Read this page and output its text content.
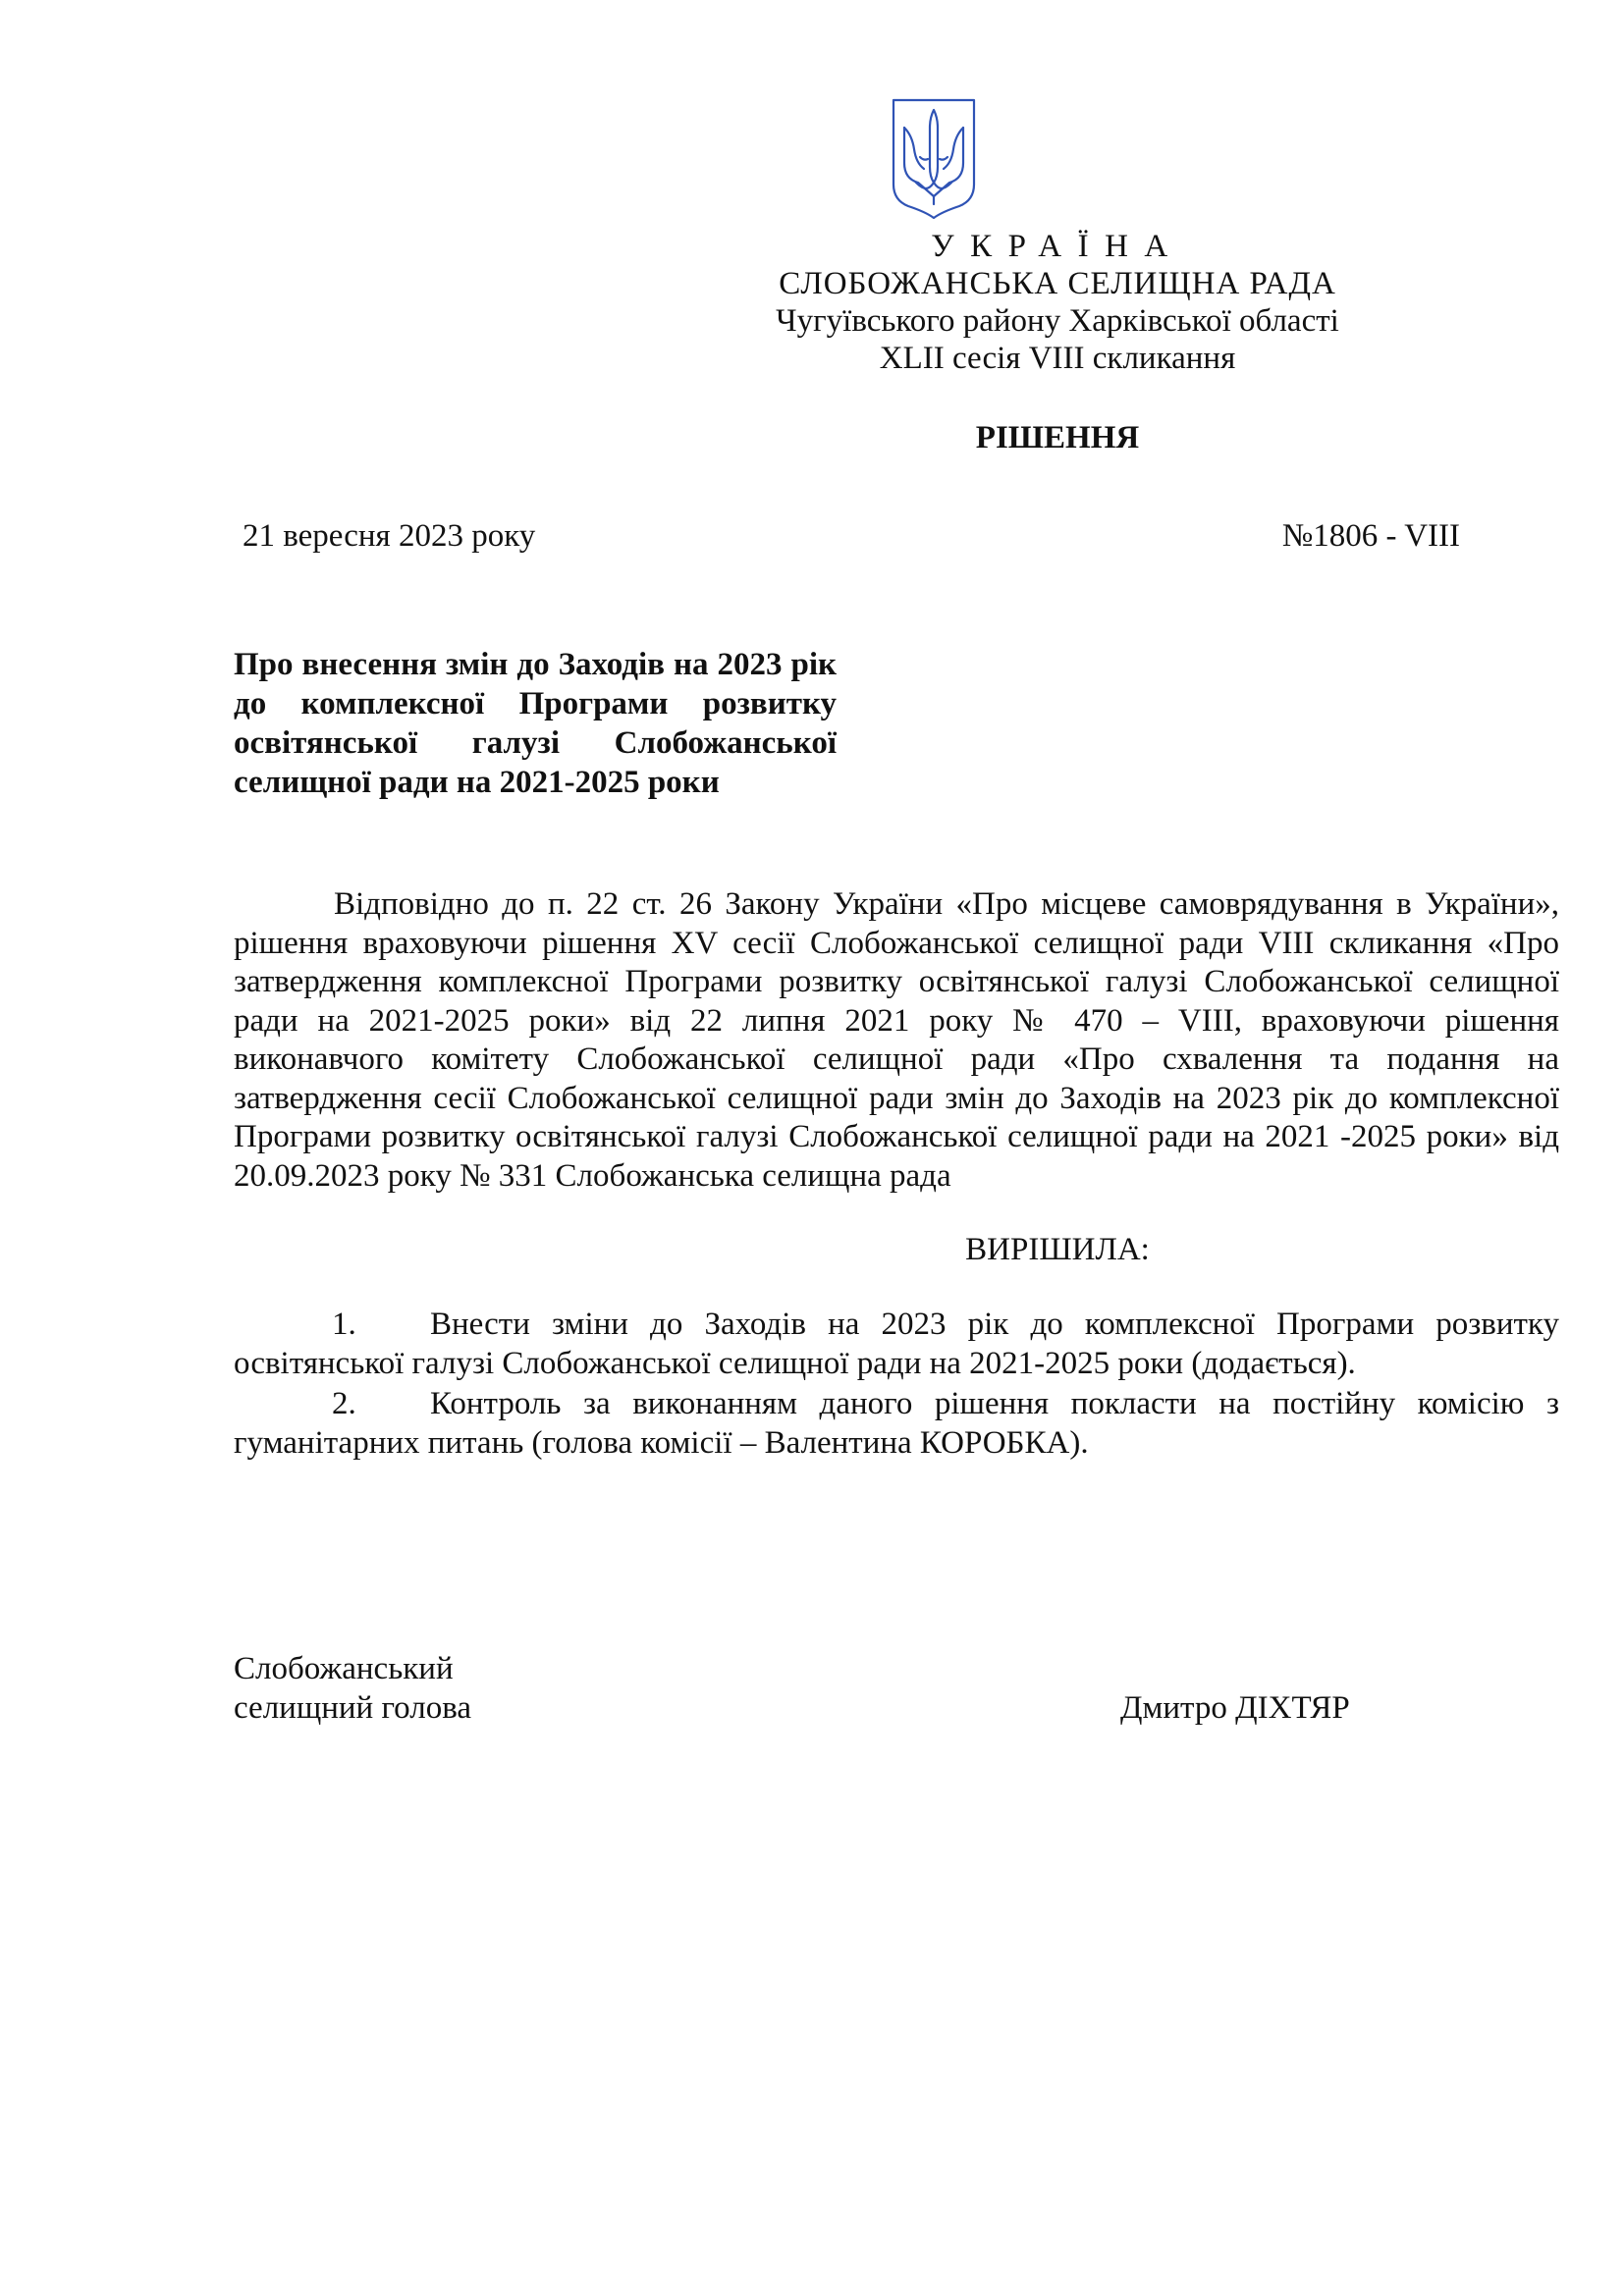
УКРАЇНА
СЛОБОЖАНСЬКА СЕЛИЩНА РАДА
Чугуївського району Харківської області
XLII сесія VIII скликання
РІШЕННЯ
21 вересня 2023 року	№1806 - VIII
Про внесення змін до Заходів на 2023 рік
до комплексної Програми розвитку
освітянської галузі Слобожанської
селищної ради на 2021-2025 роки
Відповідно до п. 22 ст. 26 Закону України «Про місцеве самоврядування в України», рішення враховуючи рішення XV сесії Слобожанської селищної ради VIII скликання «Про затвердження комплексної Програми розвитку освітянської галузі Слобожанської селищної ради на 2021-2025 роки» від 22 липня 2021 року № 470 – VIII, враховуючи рішення виконавчого комітету Слобожанської селищної ради «Про схвалення та подання на затвердження сесії Слобожанської селищної ради змін до Заходів на 2023 рік до комплексної Програми розвитку освітянської галузі Слобожанської селищної ради на 2021 -2025 роки» від 20.09.2023 року № 331 Слобожанська селищна рада
ВИРІШИЛА:
1. Внести зміни до Заходів на 2023 рік до комплексної Програми розвитку освітянської галузі Слобожанської селищної ради на 2021-2025 роки (додається).
2. Контроль за виконанням даного рішення покласти на постійну комісію з гуманітарних питань (голова комісії – Валентина КОРОБКА).
Слобожанський
селищний голова	Дмитро ДІХТЯР
